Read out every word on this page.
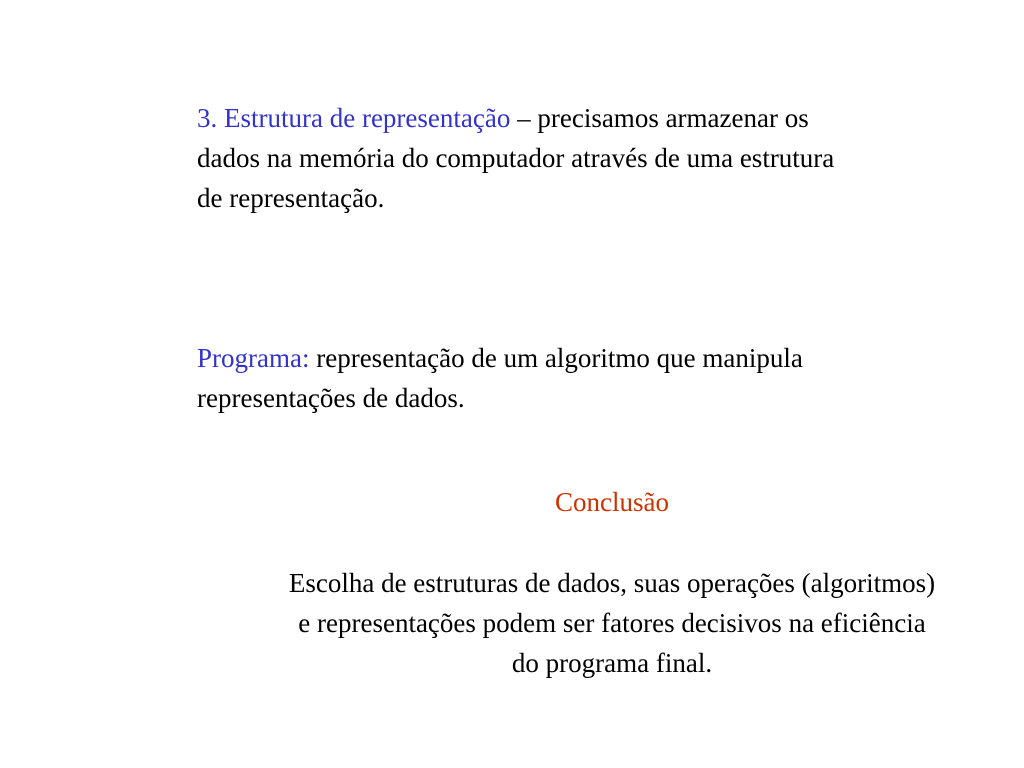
3. Estrutura de representação – precisamos armazenar os
dados na memória do computador através de uma estrutura
de representação.

Programa: representação de um algoritmo que manipula
representações de dados.

Conclusão

Escolha de estruturas de dados, suas operações (algoritmos)
e representações podem ser fatores decisivos na eficiência
do programa final.
